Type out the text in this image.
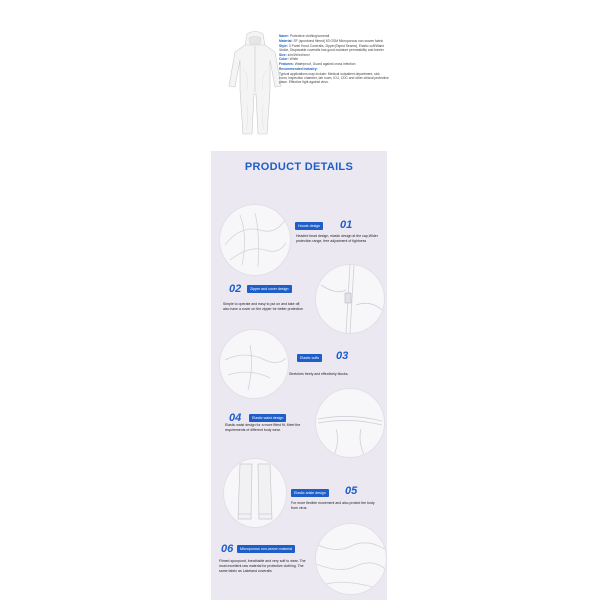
Name: Protective clothing/coverall
Material: SF (spunbond filmed) 63 GSM Microporous non-woven fabric
Style: 3 Panel Hood Coveralls, Zipper(Taped Seams), Elastic cuff/Waist /Ankle, Disposable coveralls has good moisture permeability and barrier
Size: s/m/l/xl/xxl/xxxl
Color: White
Features: Waterproof, Guard against cross infection
Recommended Industry:
Typical applications may include: Medical outpatient department, sick room, inspection chamber, lab room, ICU, CDC and other clinical protective place. Effective fight against virus.
PRODUCT DETAILS
Hoode design 01
Headed head design, elastic design at the cap,Wider protection range, free adjustment of tightness
02	Zipper and cover design
Simple to operate and easy to put on and take off, also have a cover on the zipper for better protection
Elastic cuffs 03
Stretches freely and effectively blocks.
04	Elastic waist design
Elastic waist design for a more fitted fit, Meet the requirements of different body wear.
Elastic ankle design 05
For more flexible movement and also protect the body from virus.
06	Microporous non-woven material
Filmed spunpond, breathable and very soft to wear. The most excellent raw material for protective clothing. The same fabric as Lakeland coveralls
